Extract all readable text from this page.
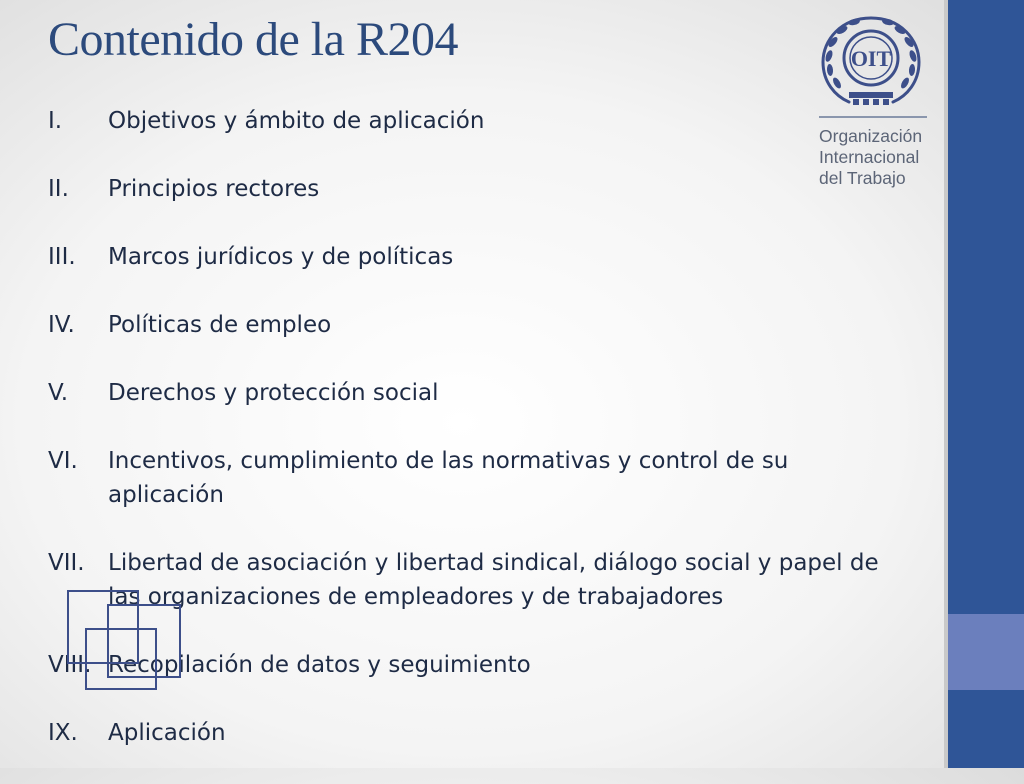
Contenido de la R204
I.	Objetivos y ámbito de aplicación
II.	Principios rectores
III.	Marcos jurídicos y de políticas
IV.	Políticas de empleo
V.	Derechos y protección social
VI.	Incentivos, cumplimiento de las normativas y control de su aplicación
VII.	Libertad de asociación y libertad sindical, diálogo social y papel de las organizaciones de empleadores y de trabajadores
VIII. Recopilación de datos y seguimiento
IX.	Aplicación
OIT
Organización
Internacional
del Trabajo
